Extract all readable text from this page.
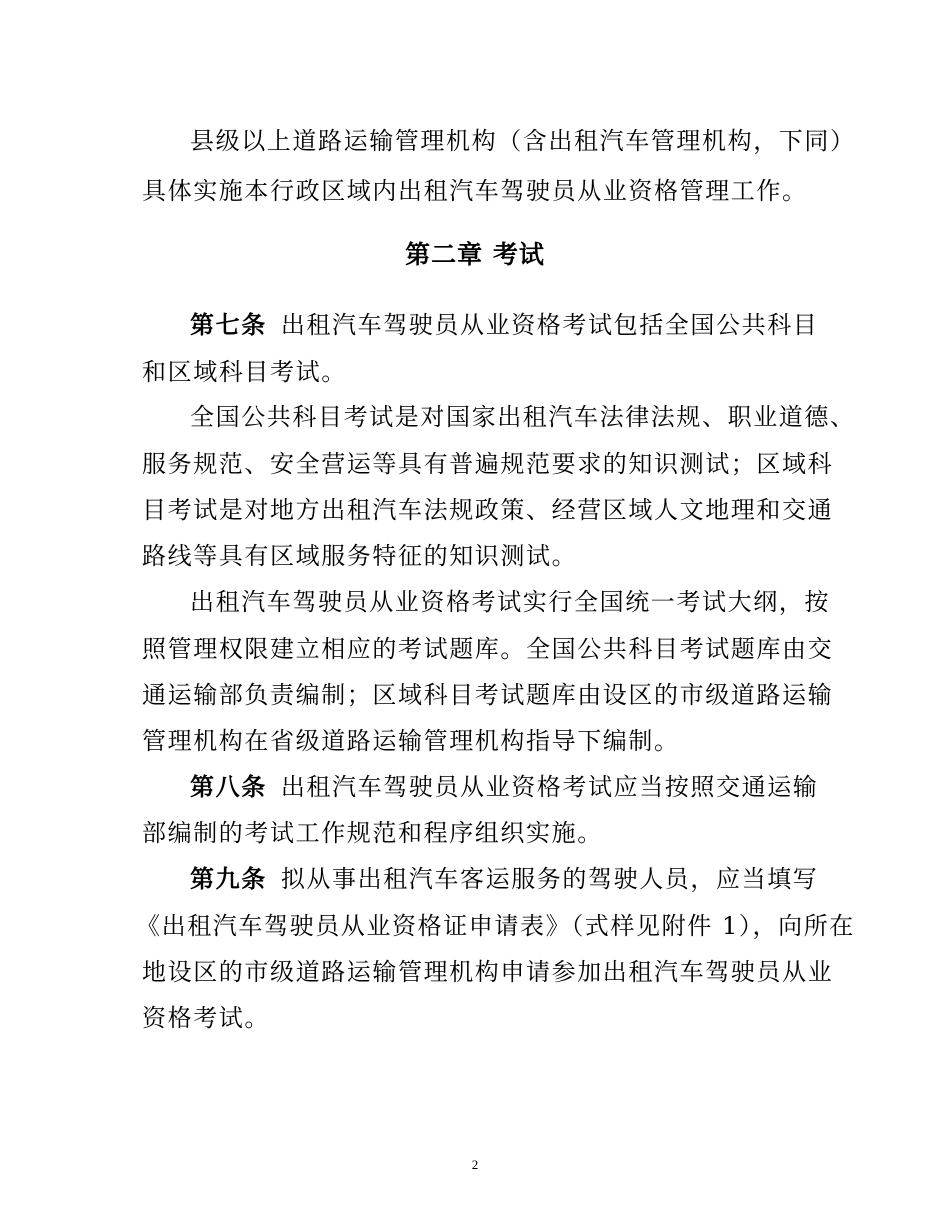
县级以上道路运输管理机构（含出租汽车管理机构，下同）
具体实施本行政区域内出租汽车驾驶员从业资格管理工作。
第二章 考试
第七条 出租汽车驾驶员从业资格考试包括全国公共科目
和区域科目考试。
全国公共科目考试是对国家出租汽车法律法规、职业道德、
服务规范、安全营运等具有普遍规范要求的知识测试；区域科
目考试是对地方出租汽车法规政策、经营区域人文地理和交通
路线等具有区域服务特征的知识测试。
出租汽车驾驶员从业资格考试实行全国统一考试大纲，按
照管理权限建立相应的考试题库。全国公共科目考试题库由交
通运输部负责编制；区域科目考试题库由设区的市级道路运输
管理机构在省级道路运输管理机构指导下编制。
第八条 出租汽车驾驶员从业资格考试应当按照交通运输
部编制的考试工作规范和程序组织实施。
第九条 拟从事出租汽车客运服务的驾驶人员，应当填写
《出租汽车驾驶员从业资格证申请表》（式样见附件 1），向所在
地设区的市级道路运输管理机构申请参加出租汽车驾驶员从业
资格考试。
2
